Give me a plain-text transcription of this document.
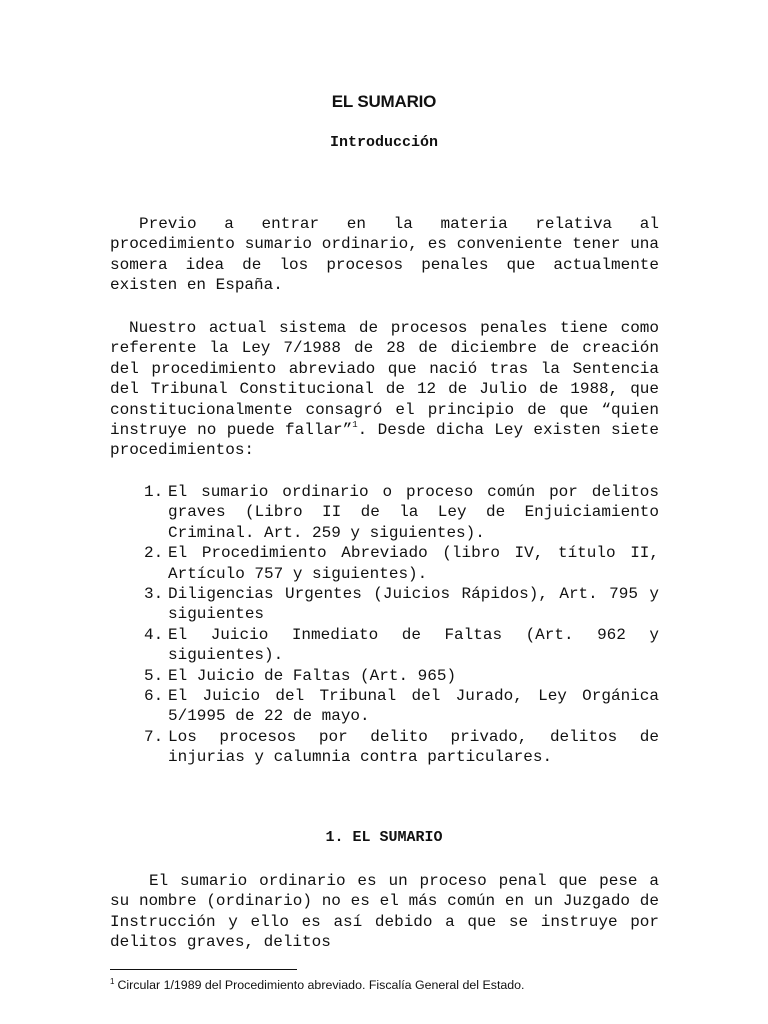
EL SUMARIO
Introducción

Previo a entrar en la materia relativa al procedimiento sumario ordinario, es conveniente tener una somera idea de los procesos penales que actualmente existen en España.

Nuestro actual sistema de procesos penales tiene como referente la Ley 7/1988 de 28 de diciembre de creación del procedimiento abreviado que nació tras la Sentencia del Tribunal Constitucional de 12 de Julio de 1988, que constitucionalmente consagró el principio de que “quien instruye no puede fallar”$^1$. Desde dicha Ley existen siete procedimientos:

1. El sumario ordinario o proceso común por delitos graves (Libro II de la Ley de Enjuiciamiento Criminal. Art. 259 y siguientes).
2. El Procedimiento Abreviado (libro IV, título II, Artículo 757 y siguientes).
3. Diligencias Urgentes (Juicios Rápidos), Art. 795 y siguientes
4. El Juicio Inmediato de Faltas (Art. 962 y siguientes).
5. El Juicio de Faltas (Art. 965)
6. El Juicio del Tribunal del Jurado, Ley Orgánica 5/1995 de 22 de mayo.
7. Los procesos por delito privado, delitos de injurias y calumnia contra particulares.
1. EL SUMARIO

El sumario ordinario es un proceso penal que pese a su nombre (ordinario) no es el más común en un Juzgado de Instrucción y ello es así debido a que se instruye por delitos graves, delitos

$^1$ Circular 1/1989 del Procedimiento abreviado. Fiscalía General del Estado.
